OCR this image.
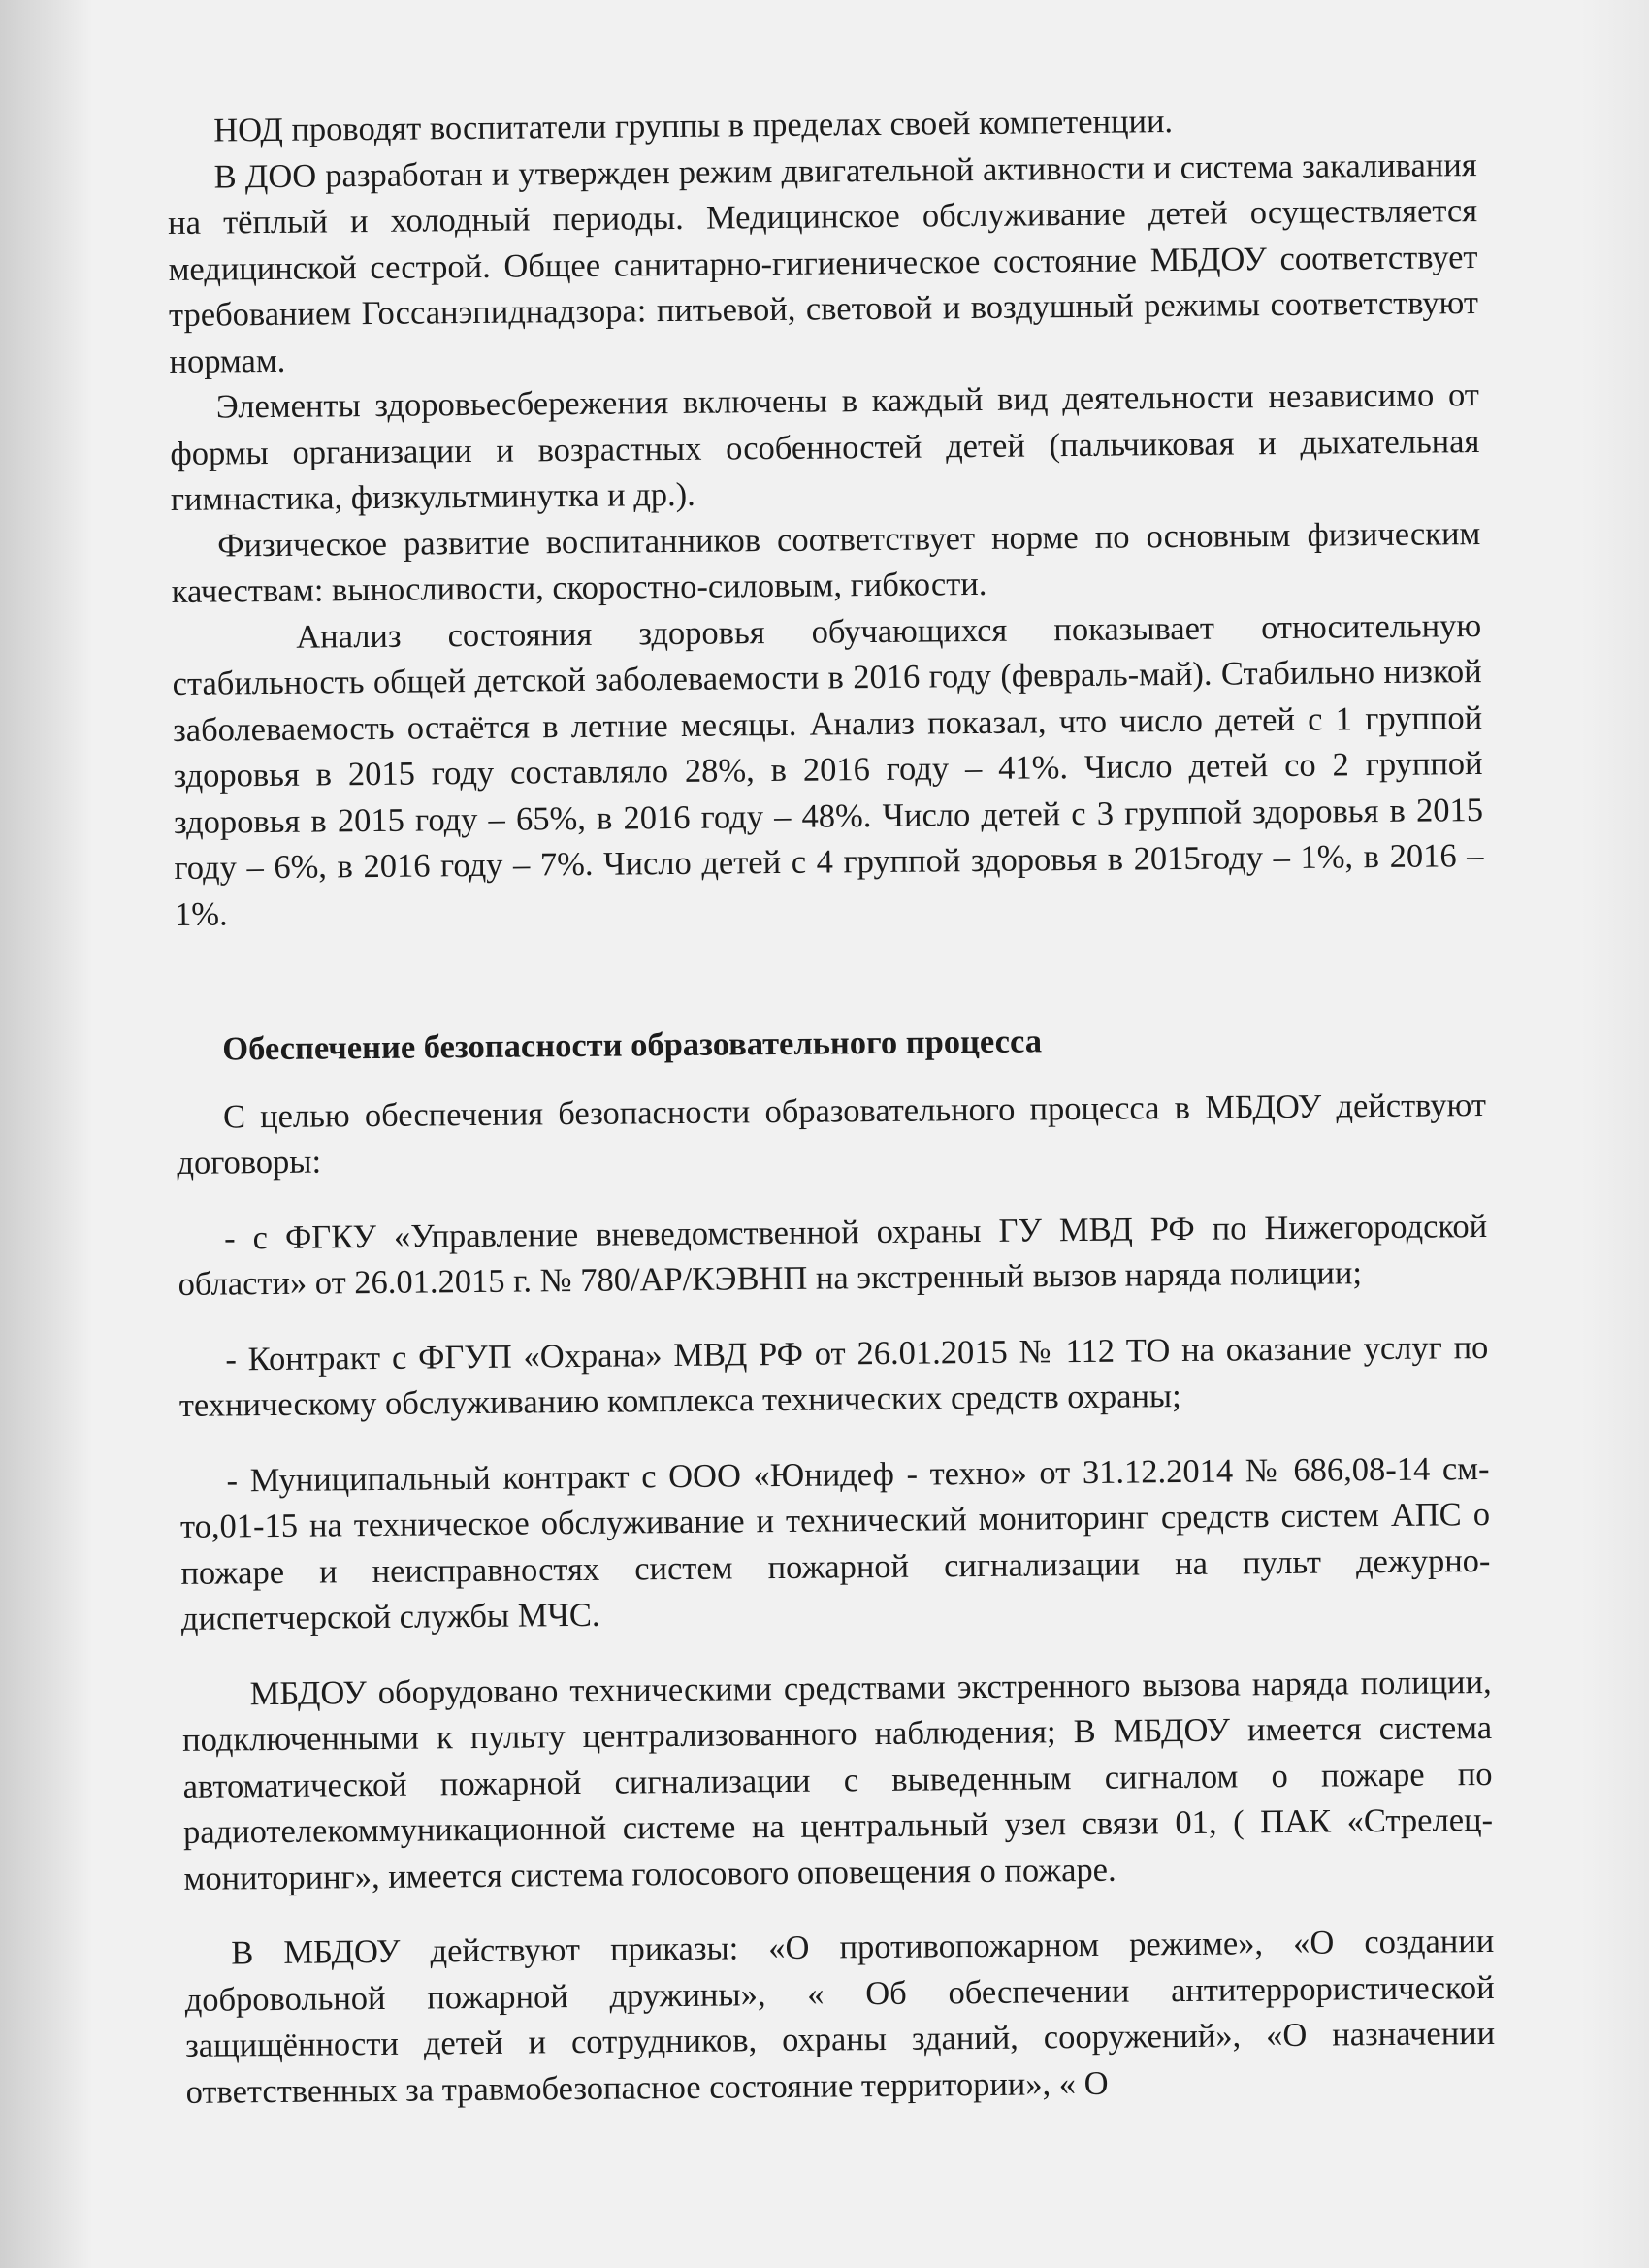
НОД проводят воспитатели группы в пределах своей компетенции.

В ДОО разработан и утвержден режим двигательной активности и система закаливания на тёплый и холодный периоды. Медицинское обслуживание детей осуществляется медицинской сестрой. Общее санитарно-гигиеническое состояние МБДОУ соответствует требованием Госсанэпиднадзора: питьевой, световой и воздушный режимы соответствуют нормам.

Элементы здоровьесбережения включены в каждый вид деятельности независимо от формы организации и возрастных особенностей детей (пальчиковая и дыхательная гимнастика, физкультминутка и др.).

Физическое развитие воспитанников соответствует норме по основным физическим качествам: выносливости, скоростно-силовым, гибкости.

Анализ состояния здоровья обучающихся показывает относительную стабильность общей детской заболеваемости в 2016 году (февраль-май). Стабильно низкой заболеваемость остаётся в летние месяцы. Анализ показал, что число детей с 1 группой здоровья в 2015 году составляло 28%, в 2016 году – 41%. Число детей со 2 группой здоровья в 2015 году – 65%, в 2016 году – 48%. Число детей с 3 группой здоровья в 2015 году – 6%, в 2016 году – 7%. Число детей с 4 группой здоровья в 2015году – 1%, в 2016 – 1%.

Обеспечение безопасности образовательного процесса

С целью обеспечения безопасности образовательного процесса в МБДОУ действуют договоры:

- с ФГКУ «Управление вневедомственной охраны ГУ МВД РФ по Нижегородской области» от 26.01.2015 г. № 780/АР/КЭВНП на экстренный вызов наряда полиции;

- Контракт с ФГУП «Охрана» МВД РФ от 26.01.2015 № 112 ТО на оказание услуг по техническому обслуживанию комплекса технических средств охраны;

- Муниципальный контракт с ООО «Юнидеф - техно» от 31.12.2014 № 686,08-14 см-то,01-15 на техническое обслуживание и технический мониторинг средств систем АПС о пожаре и неисправностях систем пожарной сигнализации на пульт дежурно- диспетчерской службы МЧС.

МБДОУ оборудовано техническими средствами экстренного вызова наряда полиции, подключенными к пульту централизованного наблюдения; В МБДОУ имеется система автоматической пожарной сигнализации с выведенным сигналом о пожаре по радиотелекоммуникационной системе на центральный узел связи 01, ( ПАК «Стрелец- мониторинг», имеется система голосового оповещения о пожаре.

В МБДОУ действуют приказы: «О противопожарном режиме», «О создании добровольной пожарной дружины», « Об обеспечении антитеррористической защищённости детей и сотрудников, охраны зданий, сооружений», «О назначении ответственных за травмобезопасное состояние территории», « О
